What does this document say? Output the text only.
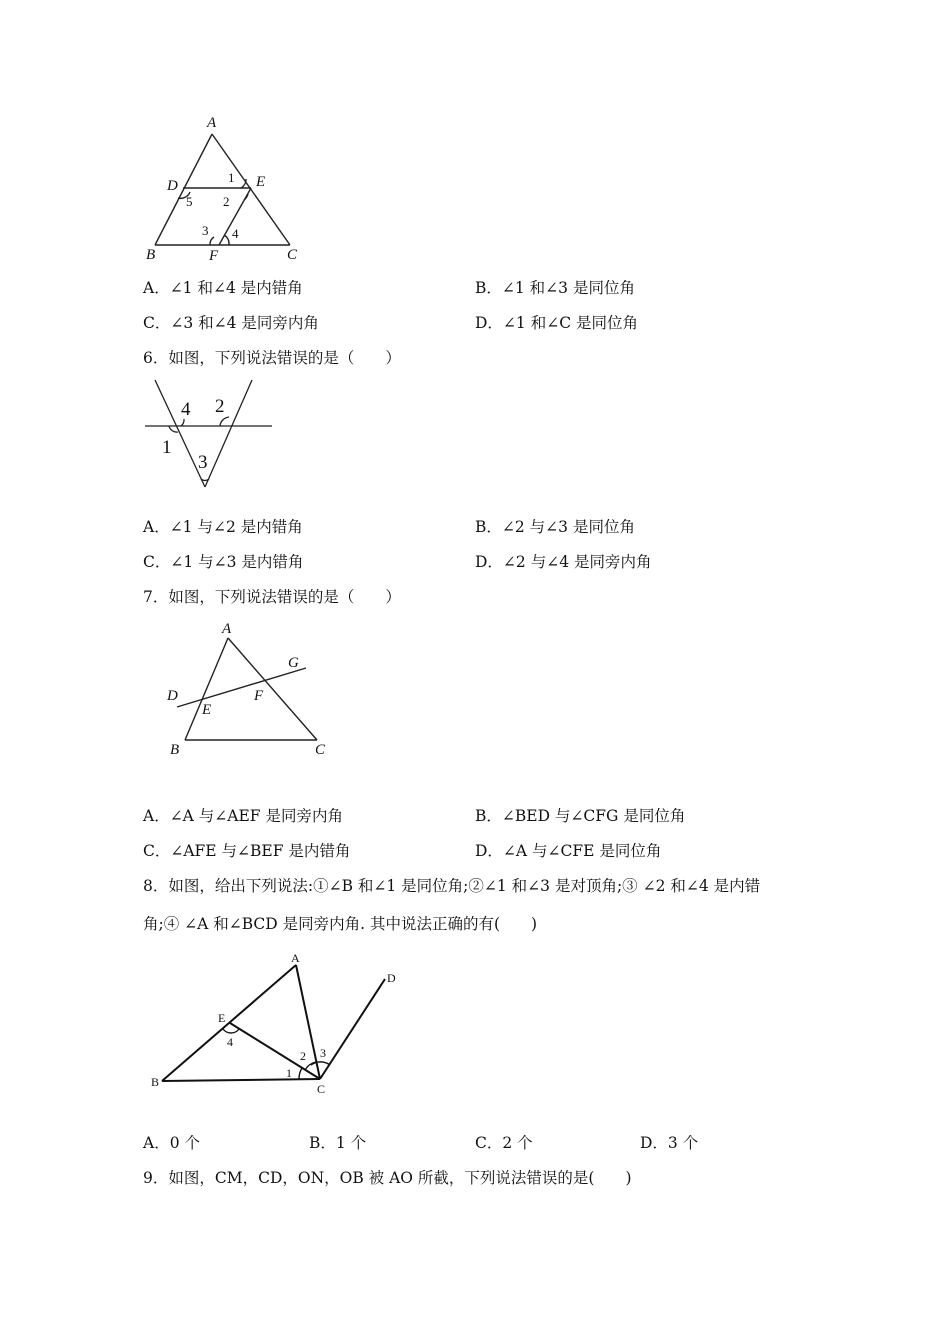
A
B	C
D	E
F
1
2
3 4
5
A．∠1 和∠4 是内错角	B．∠1 和∠3 是同位角
C．∠3 和∠4 是同旁内角	D．∠1 和∠C 是同位角
6．如图，下列说法错误的是（　　）
4 2
1
3
A．∠1 与∠2 是内错角	B．∠2 与∠3 是同位角
C．∠1 与∠3 是内错角	D．∠2 与∠4 是同旁内角
7．如图，下列说法错误的是（　　）
A
B	C
D
E
F
G
A．∠A 与∠AEF 是同旁内角	B．∠BED 与∠CFG 是同位角
C．∠AFE 与∠BEF 是内错角	D．∠A 与∠CFE 是同位角
8．如图，给出下列说法:①∠B 和∠1 是同位角;②∠1 和∠3 是对顶角;③ ∠2 和∠4 是内错
角;④ ∠A 和∠BCD 是同旁内角. 其中说法正确的有(　　)
A
B	C
D
E
1
2 3
4
A．0 个	B．1 个	C．2 个	D．3 个
9．如图，CM，CD，ON，OB 被 AO 所截，下列说法错误的是(　　)
